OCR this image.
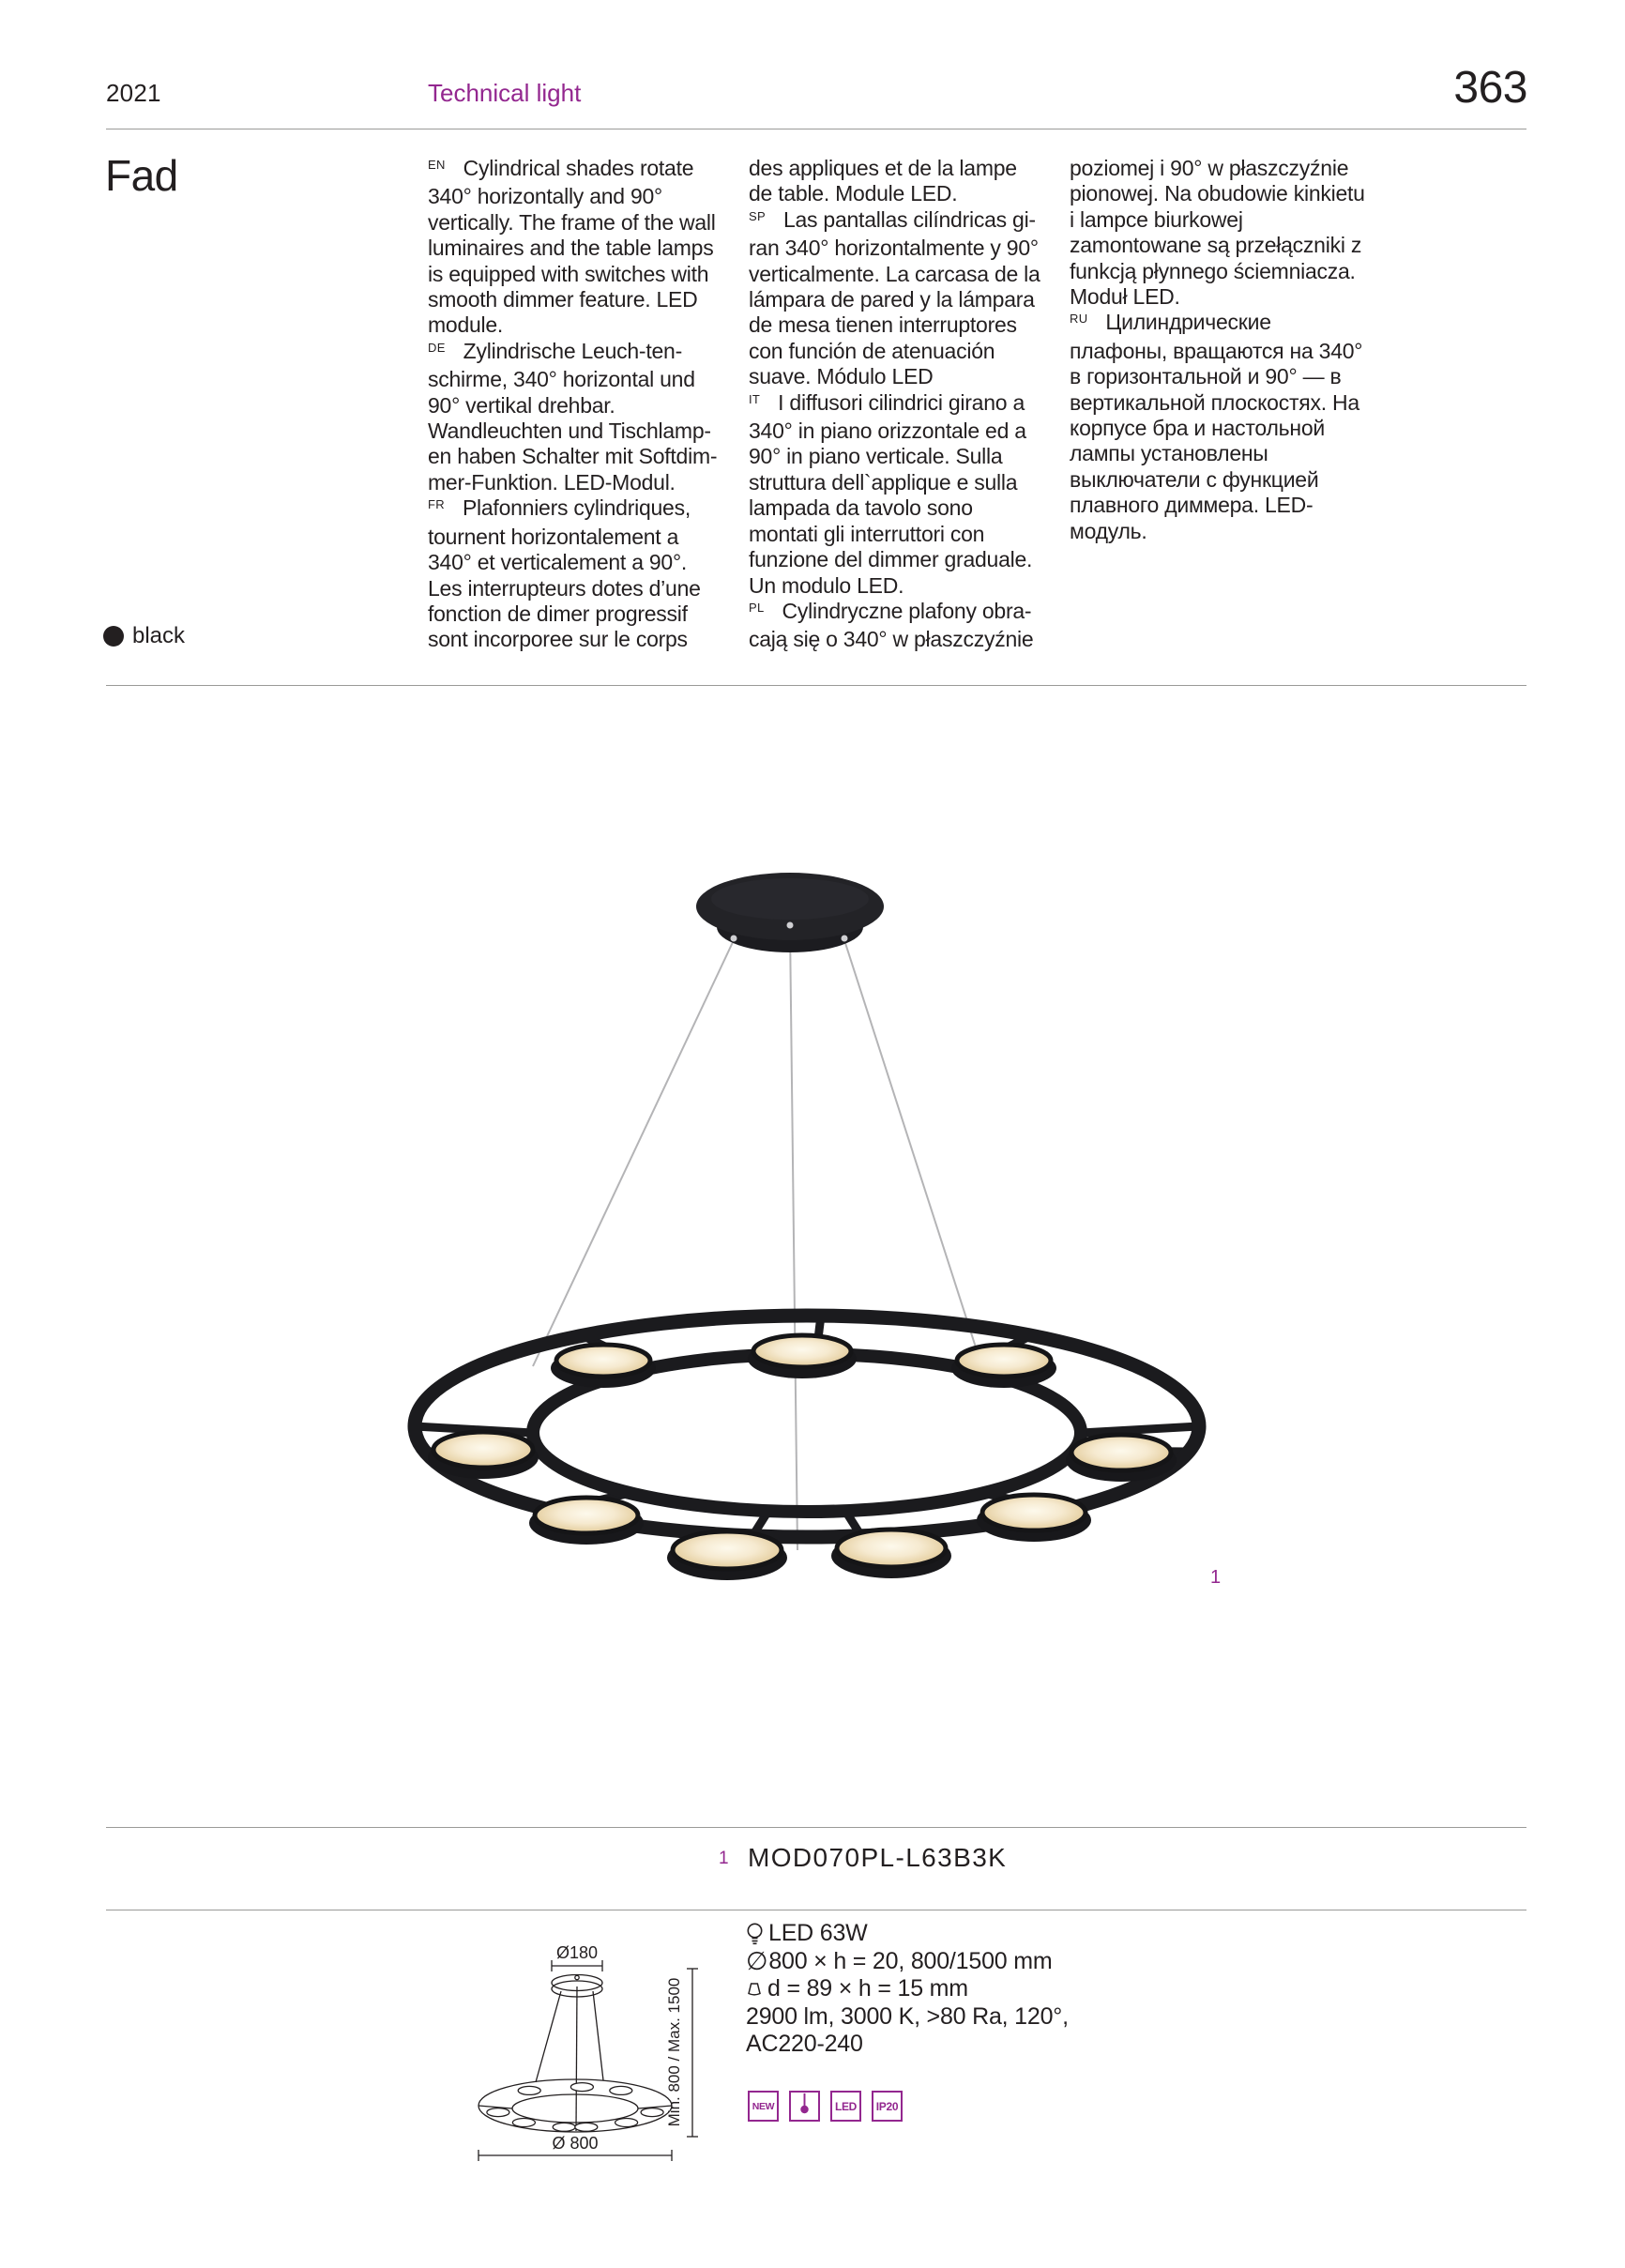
2021	Technical light	363
Fad	$^{EN}$ Cylindrical shades rotate 340° horizontally and 90° vertically. The frame of the wall luminaires and the table lamps is equipped with switches with smooth dimmer feature. LED module.

$^{DE}$ Zylindrische Leuch-ten-schirme, 340° horizontal und 90° vertikal drehbar. Wandleuchten und Tischlamp-en haben Schalter mit Softdim-mer-Funktion. LED-Modul.

$^{FR}$ Plafonniers cylindriques, tournent horizontalement a 340° et verticalement a 90°. Les interrupteurs dotes d’une fonction de dimer progressif sont incorporee sur le corps

des appliques et de la lampe de table. Module LED.

$^{SP}$ Las pantallas cilíndricas gi-ran 340° horizontalmente y 90° verticalmente. La carcasa de la lámpara de pared y la lámpara de mesa tienen interruptores con función de atenuación suave. Módulo LED

$^{IT}$ I diffusori cilindrici girano a 340° in piano orizzontale ed a 90° in piano verticale. Sulla struttura dell`applique e sulla lampada da tavolo sono montati gli interruttori con funzione del dimmer graduale. Un modulo LED.

$^{PL}$ Cylindryczne plafony obra-cają się o 340° w płaszczyźnie

poziomej i 90° w płaszczyźnie pionowej. Na obudowie kinkietu i lampce biurkowej zamontowane są przełączniki z funkcją płynnego ściemniacza. Moduł LED.

$^{RU}$ Цилиндрические плафоны, вращаются на 340° в горизонтальной и 90° — в вертикальной плоскостях. На корпусе бра и настольной лампы установлены выключатели с функцией плавного диммера. LED-модуль.

black
1
1 MOD070PL-L63B3K
Ø180
Min. 800 / Max. 1500
Ø 800
LED 63W
∅ 800 × h = 20, 800/1500 mm
d = 89 × h = 15 mm
2900 lm, 3000 K, >80 Ra, 120°,
AC220-240
NEW	LED	IP20
